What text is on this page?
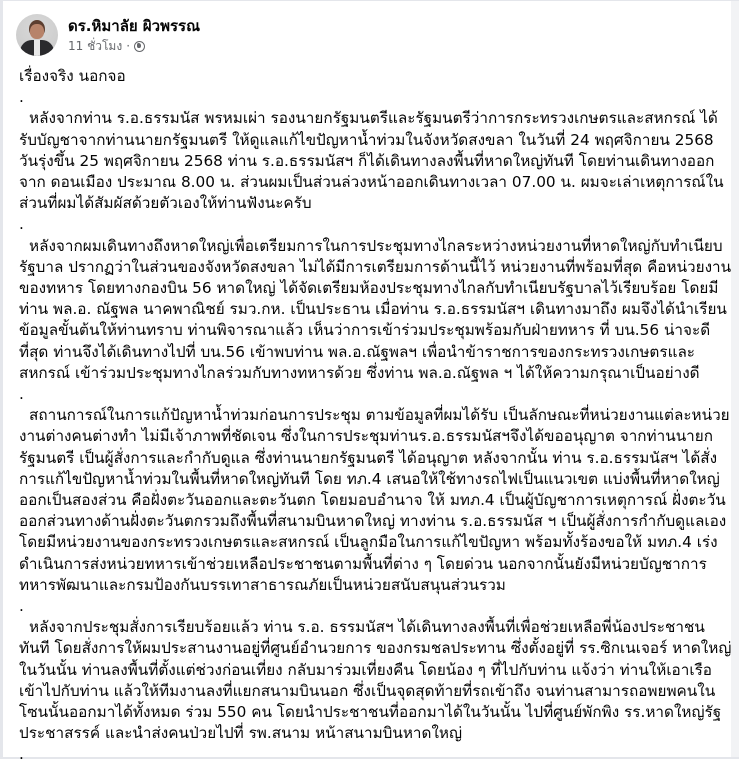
ดร.หิมาลัย ผิวพรรณ
11 ชั่วโมง ·

เรื่องจริง นอกจอ

.

หลังจากท่าน ร.อ.ธรรมนัส พรหมเผ่า รองนายกรัฐมนตรีและรัฐมนตรีว่าการกระทรวงเกษตรและสหกรณ์ ได้รับบัญชาจากท่านนายกรัฐมนตรี ให้ดูแลแก้ไขปัญหาน้ำท่วมในจังหวัดสงขลา ในวันที่ 24 พฤศจิกายน 2568 วันรุ่งขึ้น 25 พฤศจิกายน 2568 ท่าน ร.อ.ธรรมนัสฯ ก็ได้เดินทางลงพื้นที่หาดใหญ่ทันที โดยท่านเดินทางออกจาก ดอนเมือง ประมาณ 8.00 น. ส่วนผมเป็นส่วนล่วงหน้าออกเดินทางเวลา 07.00 น. ผมจะเล่าเหตุการณ์ในส่วนที่ผมได้สัมผัสด้วยตัวเองให้ท่านฟังนะครับ

.

หลังจากผมเดินทางถึงหาดใหญ่เพื่อเตรียมการในการประชุมทางไกลระหว่างหน่วยงานที่หาดใหญ่กับทำเนียบรัฐบาล ปรากฏว่าในส่วนของจังหวัดสงขลา ไม่ได้มีการเตรียมการด้านนี้ไว้ หน่วยงานที่พร้อมที่สุด คือหน่วยงานของทหาร โดยทางกองบิน 56 หาดใหญ่ ได้จัดเตรียมห้องประชุมทางไกลกับทำเนียบรัฐบาลไว้เรียบร้อย โดยมีท่าน พล.อ. ณัฐพล นาคพาณิชย์ รมว.กห. เป็นประธาน เมื่อท่าน ร.อ.ธรรมนัสฯ เดินทางมาถึง ผมจึงได้นำเรียนข้อมูลขั้นต้นให้ท่านทราบ ท่านพิจารณาแล้ว เห็นว่าการเข้าร่วมประชุมพร้อมกับฝ่ายทหาร ที่ บน.56 น่าจะดีที่สุด ท่านจึงได้เดินทางไปที่ บน.56 เข้าพบท่าน พล.อ.ณัฐพลฯ เพื่อนำข้าราชการของกระทรวงเกษตรและสหกรณ์ เข้าร่วมประชุมทางไกลร่วมกับทางทหารด้วย ซึ่งท่าน พล.อ.ณัฐพล ฯ ได้ให้ความกรุณาเป็นอย่างดี

.

สถานการณ์ในการแก้ปัญหาน้ำท่วมก่อนการประชุม ตามข้อมูลที่ผมได้รับ เป็นลักษณะที่หน่วยงานแต่ละหน่วยงานต่างคนต่างทำ ไม่มีเจ้าภาพที่ชัดเจน ซึ่งในการประชุมท่านร.อ.ธรรมนัสฯจึงได้ขออนุญาต จากท่านนายกรัฐมนตรี เป็นผู้สั่งการและกำกับดูแล ซึ่งท่านนายกรัฐมนตรี ได้อนุญาต หลังจากนั้น ท่าน ร.อ.ธรรมนัสฯ ได้สั่งการแก้ไขปัญหาน้ำท่วมในพื้นที่หาดใหญ่ทันที โดย ทภ.4 เสนอให้ใช้ทางรถไฟเป็นแนวเขต แบ่งพื้นที่หาดใหญ่ออกเป็นสองส่วน คือฝั่งตะวันออกและตะวันตก โดยมอบอำนาจ ให้ มทภ.4 เป็นผู้บัญชาการเหตุการณ์ ฝั่งตะวันออกส่วนทางด้านฝั่งตะวันตกรวมถึงพื้นที่สนามบินหาดใหญ่ ทางท่าน ร.อ.ธรรมนัส ฯ เป็นผู้สั่งการกำกับดูแลเอง โดยมีหน่วยงานของกระทรวงเกษตรและสหกรณ์ เป็นลูกมือในการแก้ไขปัญหา พร้อมทั้งร้องขอให้ มทภ.4 เร่งดำเนินการส่งหน่วยทหารเข้าช่วยเหลือประชาชนตามพื้นที่ต่าง ๆ โดยด่วน นอกจากนั้นยังมีหน่วยบัญชาการทหารพัฒนาและกรมป้องกันบรรเทาสาธารณภัยเป็นหน่วยสนับสนุนส่วนรวม

.

หลังจากประชุมสั่งการเรียบร้อยแล้ว ท่าน ร.อ. ธรรมนัสฯ ได้เดินทางลงพื้นที่เพื่อช่วยเหลือพี่น้องประชาชนทันที โดยสั่งการให้ผมประสานงานอยู่ที่ศูนย์อำนวยการ ของกรมชลประทาน ซึ่งตั้งอยู่ที่ รร.ซิกเนเจอร์ หาดใหญ่ ในวันนั้น ท่านลงพื้นที่ตั้งแต่ช่วงก่อนเที่ยง กลับมาร่วมเที่ยงคืน โดยน้อง ๆ ที่ไปกับท่าน แจ้งว่า ท่านให้เอาเรือเข้าไปกับท่าน แล้วให้ทีมงานลงที่แยกสนามบินนอก ซึ่งเป็นจุดสุดท้ายที่รถเข้าถึง จนท่านสามารถอพยพคนในโซนนั้นออกมาได้ทั้งหมด ร่วม 550 คน โดยนำประชาชนที่ออกมาได้ในวันนั้น ไปที่ศูนย์พักพิง รร.หาดใหญ่รัฐประชาสรรค์ และนำส่งคนป่วยไปที่ รพ.สนาม หน้าสนามบินหาดใหญ่

.
